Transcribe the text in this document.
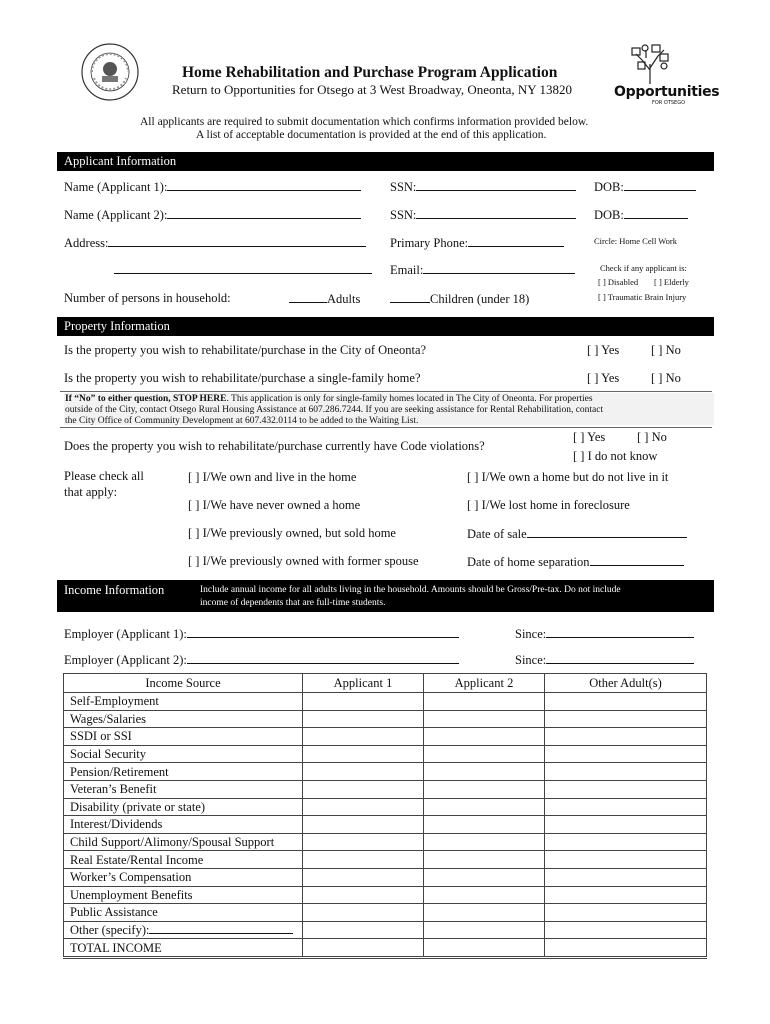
Opportunities
FOR OTSEGO
Home Rehabilitation and Purchase Program Application
Return to Opportunities for Otsego at 3 West Broadway, Oneonta, NY 13820
All applicants are required to submit documentation which confirms information provided below.
A list of acceptable documentation is provided at the end of this application.
Applicant Information
Name (Applicant 1):	SSN:	DOB:
Name (Applicant 2):	SSN:	DOB:
Address:	Primary Phone:	Circle: Home Cell Work
Email:	Check if any applicant is:
[ ] Disabled [ ] Elderly
[ ] Traumatic Brain Injury
Number of persons in household:	Adults	Children (under 18)
Property Information
Is the property you wish to rehabilitate/purchase in the City of Oneonta?	[ ] Yes	[ ] No
Is the property you wish to rehabilitate/purchase a single-family home?	[ ] Yes	[ ] No
If “No” to either question, STOP HERE. This application is only for single-family homes located in The City of Oneonta. For properties
outside of the City, contact Otsego Rural Housing Assistance at 607.286.7244. If you are seeking assistance for Rental Rehabilitation, contact
the City Office of Community Development at 607.432.0114 to be added to the Waiting List.
Does the property you wish to rehabilitate/purchase currently have Code violations?
[ ] Yes	[ ] No
[ ] I do not know
Please check all
that apply:
[ ] I/We own and live in the home	[ ] I/We own a home but do not live in it
[ ] I/We have never owned a home	[ ] I/We lost home in foreclosure
[ ] I/We previously owned, but sold home	Date of sale
[ ] I/We previously owned with former spouse	Date of home separation
Income Information	Include annual income for all adults living in the household. Amounts should be Gross/Pre-tax. Do not include
income of dependents that are full-time students.
Employer (Applicant 1):	Since:
Employer (Applicant 2):	Since:
Income Source	Applicant 1	Applicant 2	Other Adult(s)
Self-Employment			
Wages/Salaries			
SSDI or SSI			
Social Security			
Pension/Retirement			
Veteran’s Benefit			
Disability (private or state)			
Interest/Dividends			
Child Support/Alimony/Spousal Support			
Real Estate/Rental Income			
Worker’s Compensation			
Unemployment Benefits			
Public Assistance			
Other (specify):			
TOTAL INCOME			
